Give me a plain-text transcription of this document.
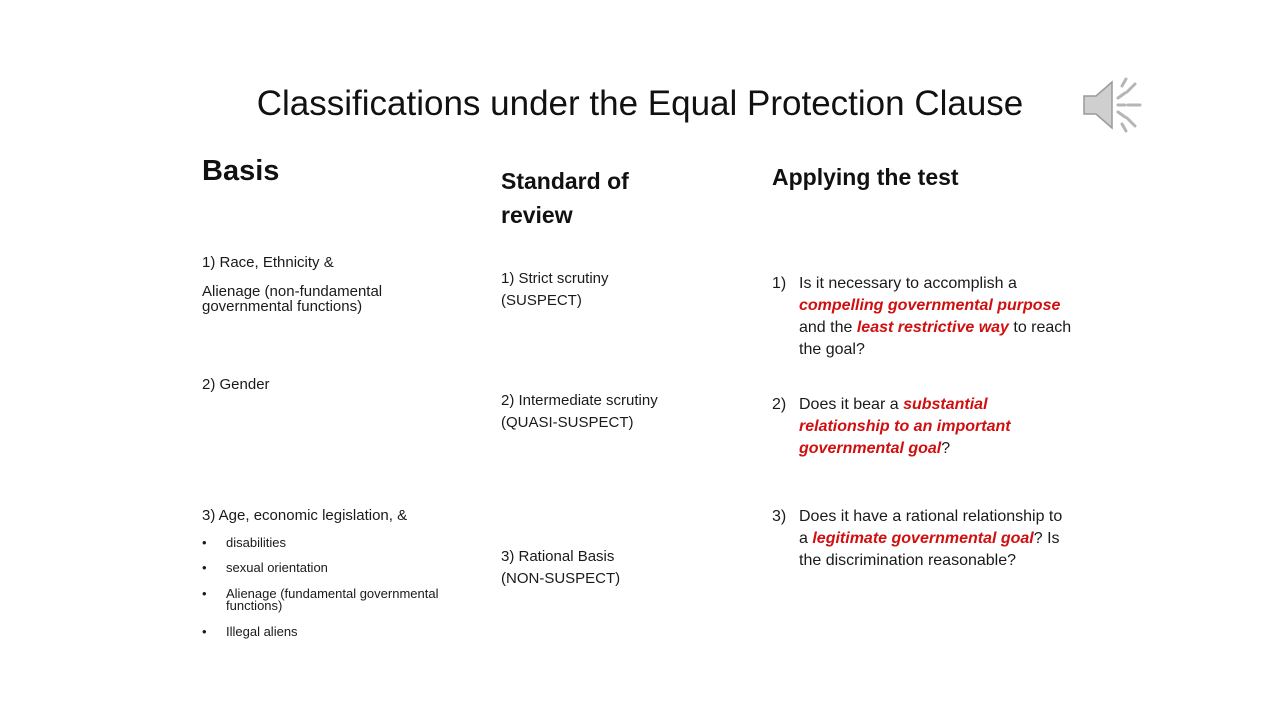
Classifications under the Equal Protection Clause
Basis	Standard of
review
Applying the test
1) Race, Ethnicity &
Alienage (non-fundamental
governmental functions)
2) Gender
3) Age, economic legislation, &
• disabilities
• sexual orientation
• Alienage (fundamental governmental
functions)
• Illegal aliens
1) Strict scrutiny
(SUSPECT)
2) Intermediate scrutiny
(QUASI-SUSPECT)
3) Rational Basis
(NON-SUSPECT)
1) Is it necessary to accomplish a
compelling governmental purpose
and the least restrictive way to reach
the goal?
2) Does it bear a substantial
relationship to an important
governmental goal?
3) Does it have a rational relationship to
a legitimate governmental goal? Is
the discrimination reasonable?
